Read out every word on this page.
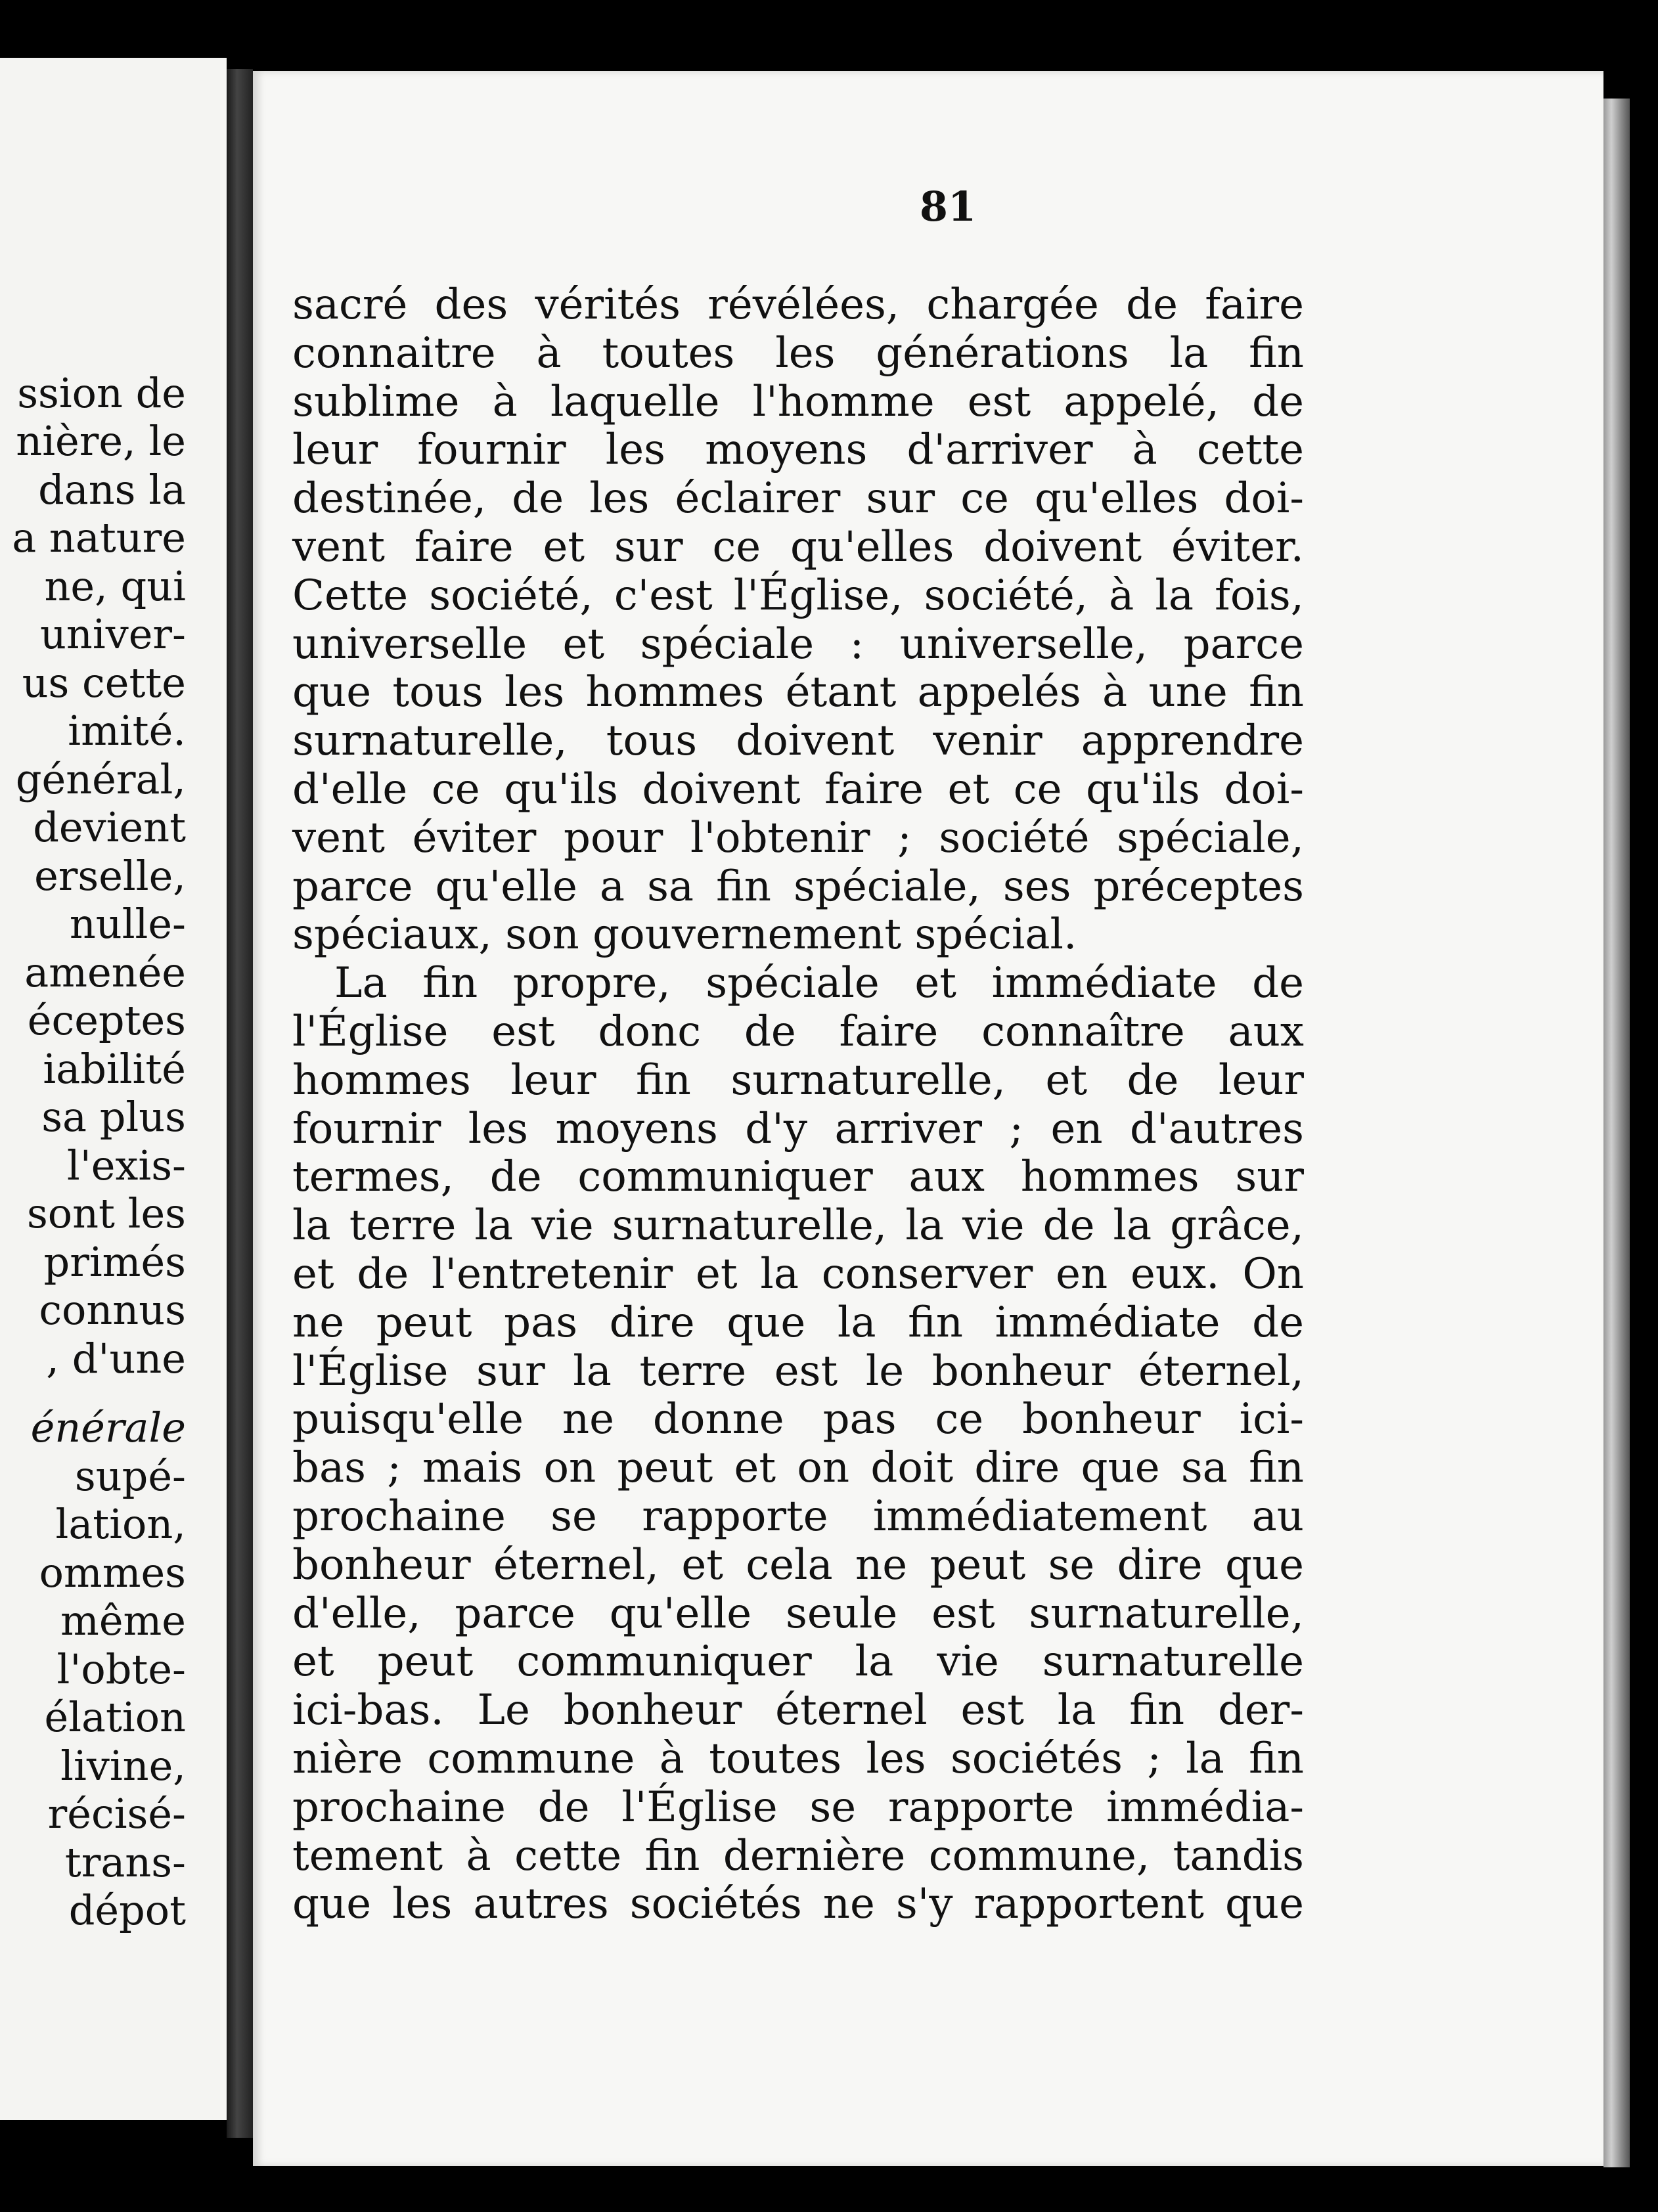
ssion de
nière, le
dans la
a nature
ne, qui
univer-
us cette
imité.
général,
devient
erselle,
nulle-
amenée
éceptes
iabilité
sa plus
l'exis-
sont les
primés
connus
, d'une
énérale
supé-
lation,
ommes
même
l'obte-
élation
livine,
récisé-
trans-
dépot

81
sacré des vérités révélées, chargée de faire
connaitre à toutes les générations la fin
sublime à laquelle l'homme est appelé, de
leur fournir les moyens d'arriver à cette
destinée, de les éclairer sur ce qu'elles doi-
vent faire et sur ce qu'elles doivent éviter.
Cette société, c'est l'Église, société, à la fois,
universelle et spéciale : universelle, parce
que tous les hommes étant appelés à une fin
surnaturelle, tous doivent venir apprendre
d'elle ce qu'ils doivent faire et ce qu'ils doi-
vent éviter pour l'obtenir ; société spéciale,
parce qu'elle a sa fin spéciale, ses préceptes
spéciaux, son gouvernement spécial.
La fin propre, spéciale et immédiate de
l'Église est donc de faire connaître aux
hommes leur fin surnaturelle, et de leur
fournir les moyens d'y arriver ; en d'autres
termes, de communiquer aux hommes sur
la terre la vie surnaturelle, la vie de la grâce,
et de l'entretenir et la conserver en eux. On
ne peut pas dire que la fin immédiate de
l'Église sur la terre est le bonheur éternel,
puisqu'elle ne donne pas ce bonheur ici-
bas ; mais on peut et on doit dire que sa fin
prochaine se rapporte immédiatement au
bonheur éternel, et cela ne peut se dire que
d'elle, parce qu'elle seule est surnaturelle,
et peut communiquer la vie surnaturelle
ici-bas. Le bonheur éternel est la fin der-
nière commune à toutes les sociétés ; la fin
prochaine de l'Église se rapporte immédia-
tement à cette fin dernière commune, tandis
que les autres sociétés ne s'y rapportent que
